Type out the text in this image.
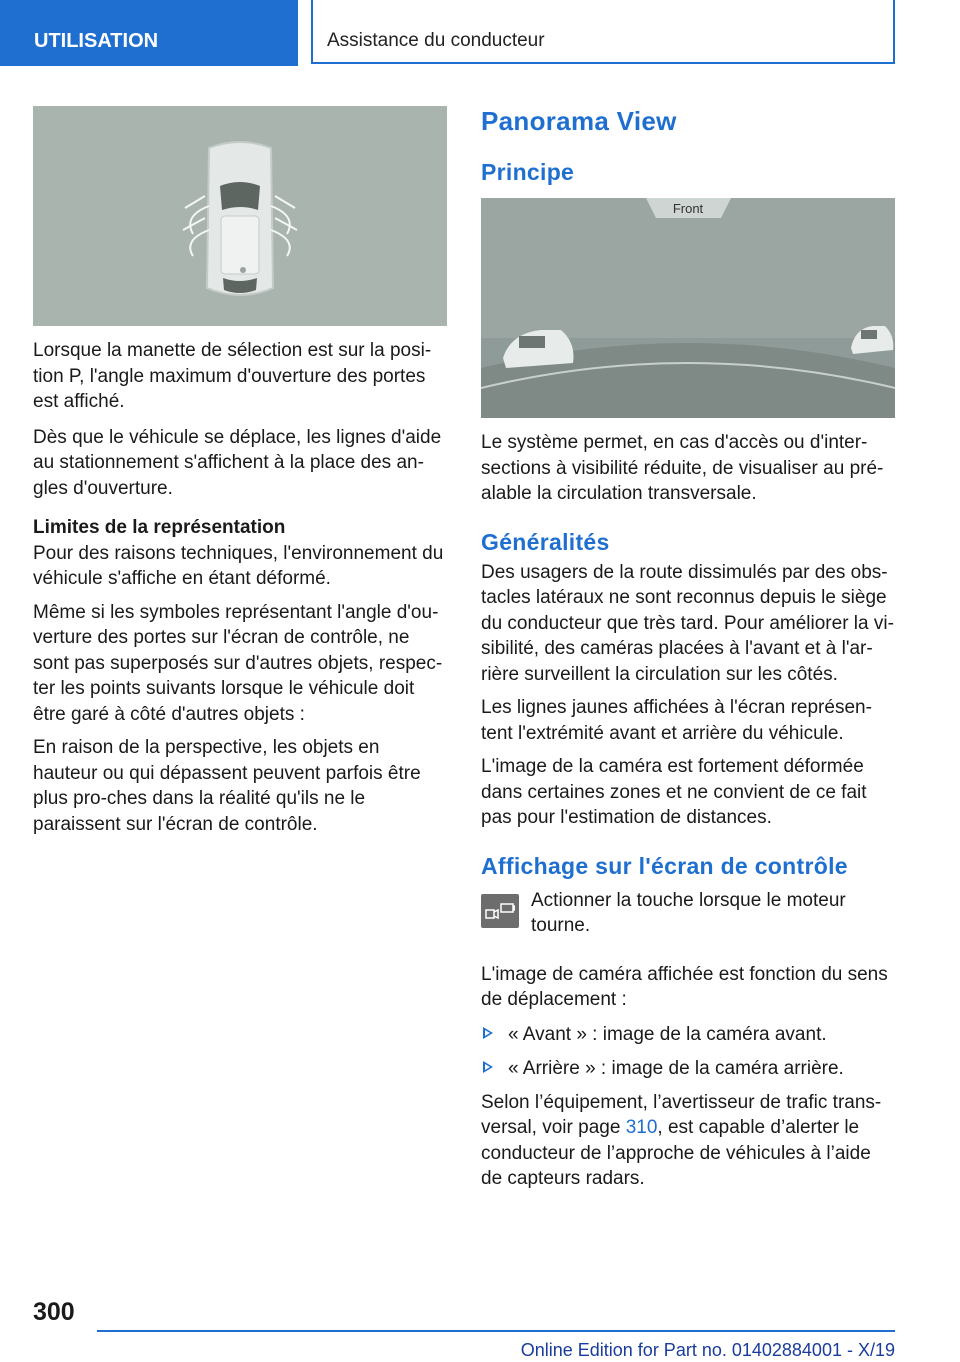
UTILISATION	Assistance du conducteur

Lorsque la manette de sélection est sur la posi-tion P, l'angle maximum d'ouverture des portes est affiché.

Dès que le véhicule se déplace, les lignes d'aide au stationnement s'affichent à la place des an-gles d'ouverture.

Limites de la représentation

Pour des raisons techniques, l'environnement du véhicule s'affiche en étant déformé.

Même si les symboles représentant l'angle d'ou-verture des portes sur l'écran de contrôle, ne sont pas superposés sur d'autres objets, respec-ter les points suivants lorsque le véhicule doit être garé à côté d'autres objets :

En raison de la perspective, les objets en hauteur ou qui dépassent peuvent parfois être plus pro-ches dans la réalité qu'ils ne le paraissent sur l'écran de contrôle.

Panorama View
Principe
Front

Le système permet, en cas d'accès ou d'inter-sections à visibilité réduite, de visualiser au pré-alable la circulation transversale.

Généralités

Des usagers de la route dissimulés par des obs-tacles latéraux ne sont reconnus depuis le siège du conducteur que très tard. Pour améliorer la vi-sibilité, des caméras placées à l'avant et à l'ar-rière surveillent la circulation sur les côtés.

Les lignes jaunes affichées à l'écran représen-tent l'extrémité avant et arrière du véhicule.

L'image de la caméra est fortement déformée dans certaines zones et ne convient de ce fait pas pour l'estimation de distances.

Affichage sur l'écran de contrôle

Actionner la touche lorsque le moteur tourne.

L'image de caméra affichée est fonction du sens de déplacement :

« Avant » : image de la caméra avant.

« Arrière » : image de la caméra arrière.

Selon l’équipement, l’avertisseur de trafic trans-versal, voir page 310, est capable d’alerter le conducteur de l’approche de véhicules à l’aide de capteurs radars.

300
Online Edition for Part no. 01402884001 - X/19
